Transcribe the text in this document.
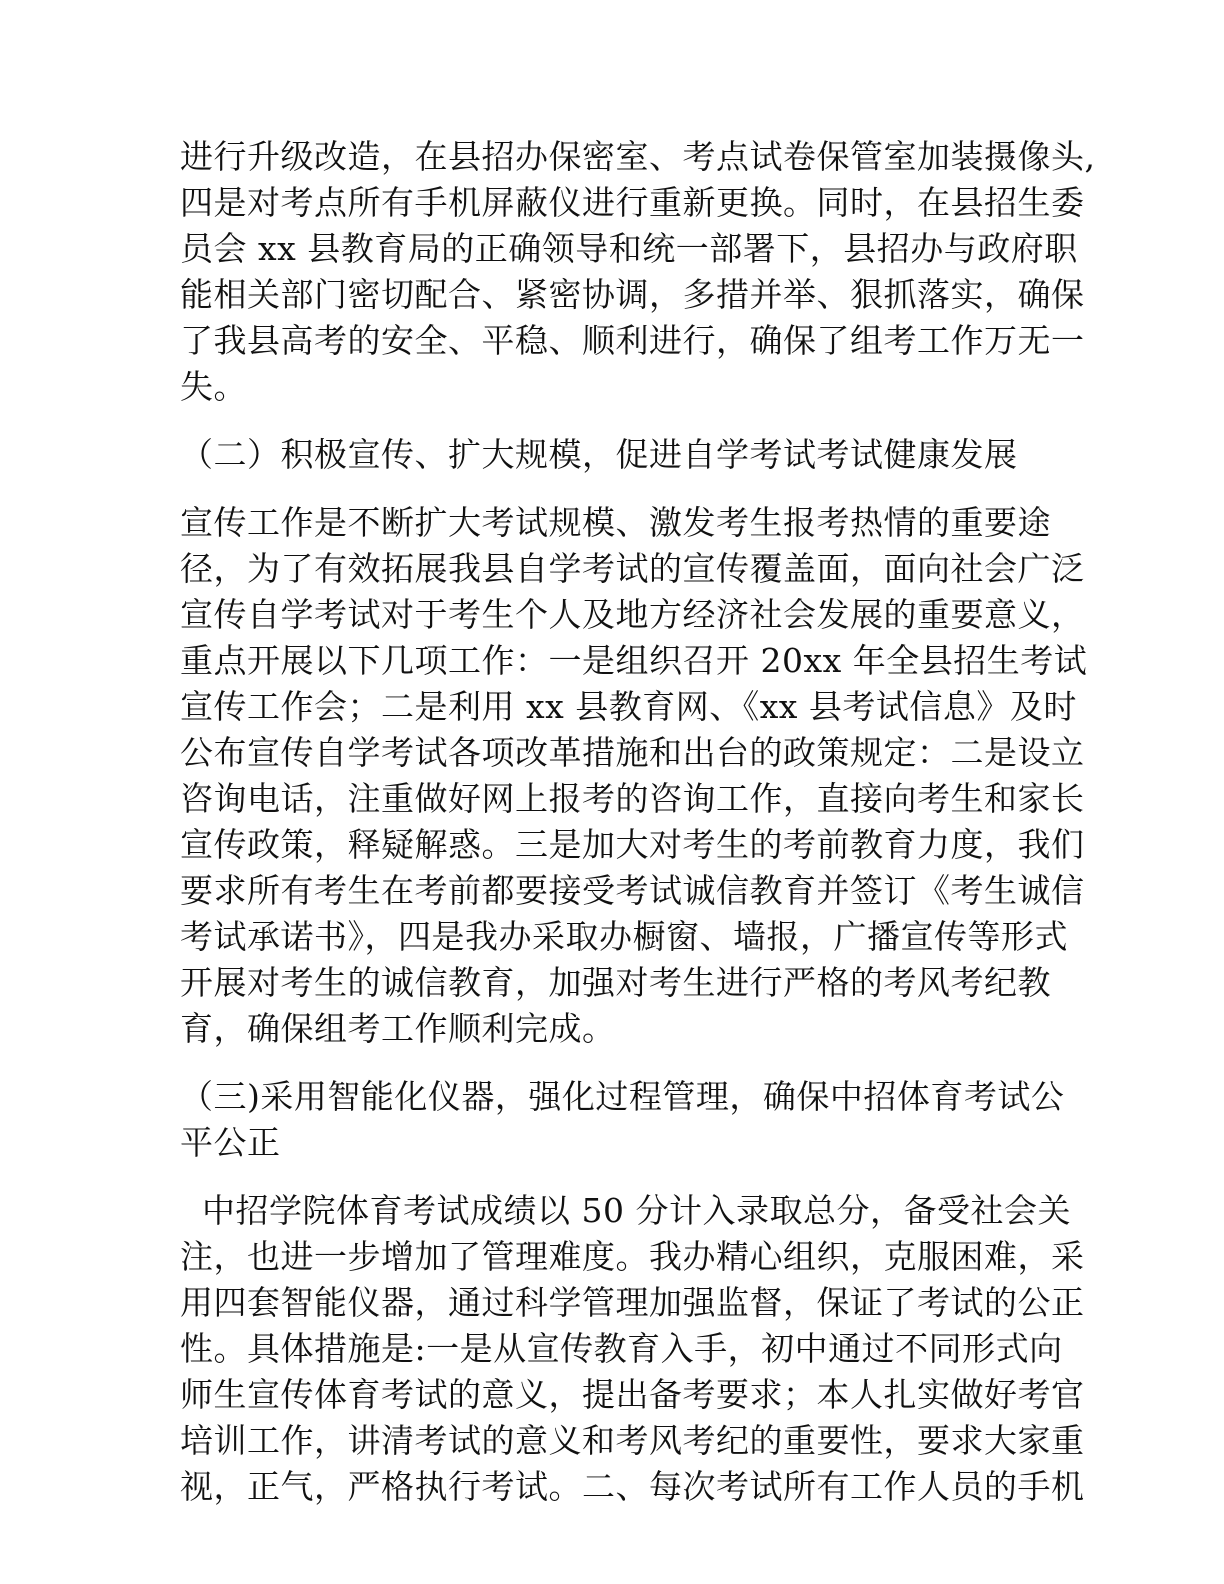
进行升级改造，在县招办保密室、考点试卷保管室加装摄像头,
四是对考点所有手机屏蔽仪进行重新更换。同时，在县招生委
员会 xx 县教育局的正确领导和统一部署下，县招办与政府职
能相关部门密切配合、紧密协调，多措并举、狠抓落实，确保
了我县高考的安全、平稳、顺利进行，确保了组考工作万无一
失。
（二）积极宣传、扩大规模，促进自学考试考试健康发展
宣传工作是不断扩大考试规模、激发考生报考热情的重要途
径，为了有效拓展我县自学考试的宣传覆盖面，面向社会广泛
宣传自学考试对于考生个人及地方经济社会发展的重要意义，
重点开展以下几项工作：一是组织召开 20xx 年全县招生考试
宣传工作会；二是利用 xx 县教育网、《xx 县考试信息》及时
公布宣传自学考试各项改革措施和出台的政策规定：二是设立
咨询电话，注重做好网上报考的咨询工作，直接向考生和家长
宣传政策，释疑解惑。三是加大对考生的考前教育力度，我们
要求所有考生在考前都要接受考试诚信教育并签订《考生诚信
考试承诺书》，四是我办采取办橱窗、墙报，广播宣传等形式
开展对考生的诚信教育，加强对考生进行严格的考风考纪教
育，确保组考工作顺利完成。
（三)采用智能化仪器，强化过程管理，确保中招体育考试公
平公正
中招学院体育考试成绩以 50 分计入录取总分，备受社会关
注，也进一步增加了管理难度。我办精心组织，克服困难，采
用四套智能仪器，通过科学管理加强监督，保证了考试的公正
性。具体措施是:一是从宣传教育入手，初中通过不同形式向
师生宣传体育考试的意义，提出备考要求；本人扎实做好考官
培训工作，讲清考试的意义和考风考纪的重要性，要求大家重
视，正气，严格执行考试。二、每次考试所有工作人员的手机
